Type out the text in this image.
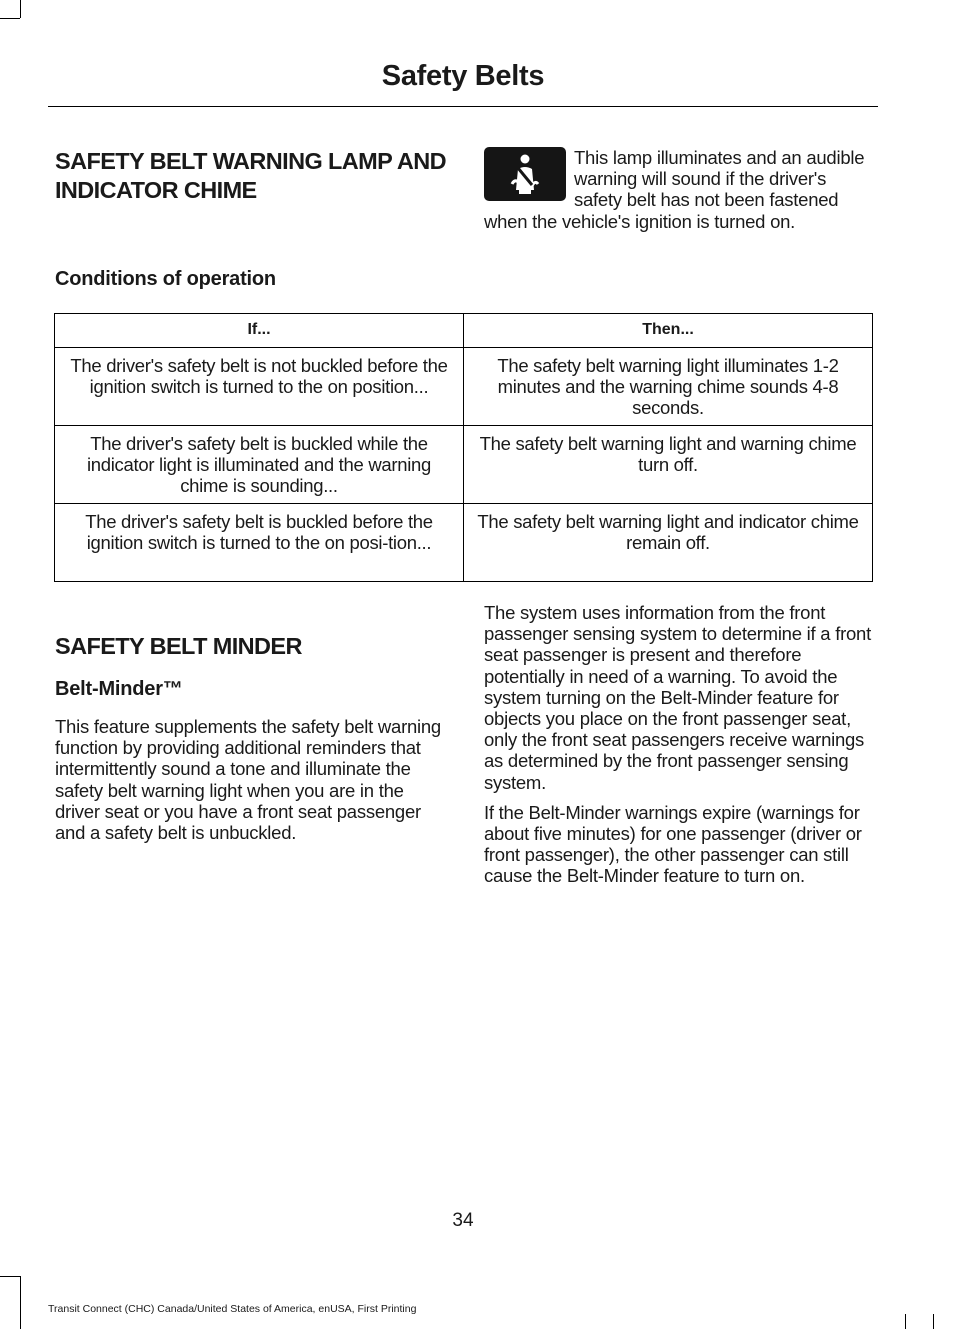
Safety Belts
SAFETY BELT WARNING LAMP AND INDICATOR CHIME
This lamp illuminates and an audible warning will sound if the driver's safety belt has not been fastened when the vehicle's ignition is turned on.
Conditions of operation
If...	Then...
The driver's safety belt is not buckled before the ignition switch is turned to the on position...	The safety belt warning light illuminates 1-2 minutes and the warning chime sounds 4-8 seconds.
The driver's safety belt is buckled while the indicator light is illuminated and the warning chime is sounding...	The safety belt warning light and warning chime turn off.
The driver's safety belt is buckled before the ignition switch is turned to the on posi-tion...	The safety belt warning light and indicator chime remain off.
SAFETY BELT MINDER
Belt-Minder™
This feature supplements the safety belt warning function by providing additional reminders that intermittently sound a tone and illuminate the safety belt warning light when you are in the driver seat or you have a front seat passenger and a safety belt is unbuckled.

The system uses information from the front passenger sensing system to determine if a front seat passenger is present and therefore potentially in need of a warning. To avoid the system turning on the Belt-Minder feature for objects you place on the front passenger seat, only the front seat passengers receive warnings as determined by the front passenger sensing system.

If the Belt-Minder warnings expire (warnings for about five minutes) for one passenger (driver or front passenger), the other passenger can still cause the Belt-Minder feature to turn on.

34
Transit Connect (CHC) Canada/United States of America, enUSA, First Printing
